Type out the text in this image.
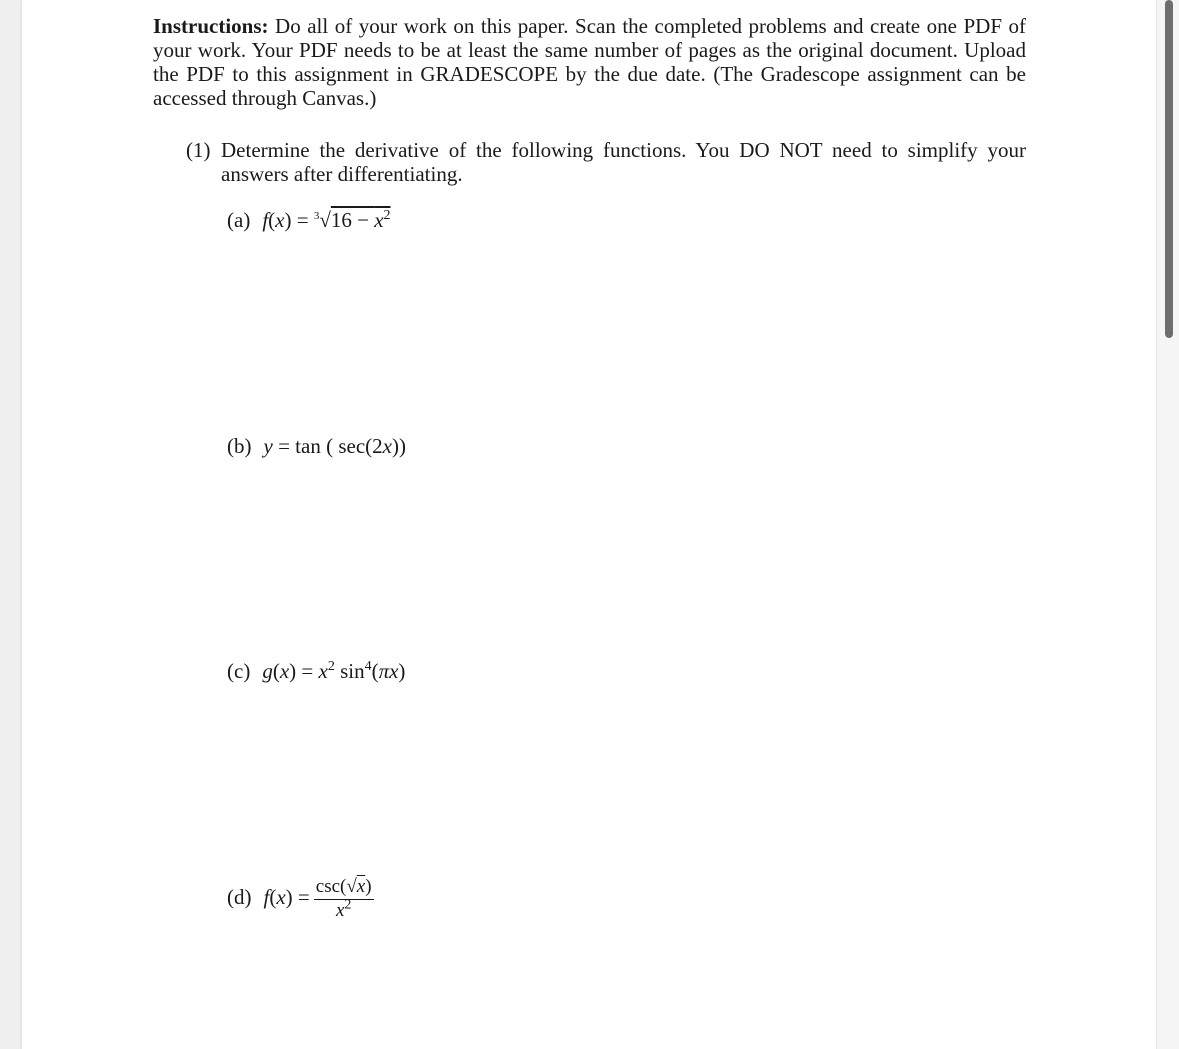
Instructions: Do all of your work on this paper. Scan the completed problems and create one PDF of your work. Your PDF needs to be at least the same number of pages as the original document. Upload the PDF to this assignment in GRADESCOPE by the due date. (The Gradescope assignment can be accessed through Canvas.)
(1) Determine the derivative of the following functions. You DO NOT need to simplify your answers after differentiating.
(a) $f(x) = ^3√16 - x^2$
(b) y = tan ( sec(2x))
(c) $g(x) = x^2$ $\sin^4(\pi x)$
(d) $f(x) = \frac{\csc(√x)}{x^2}$
